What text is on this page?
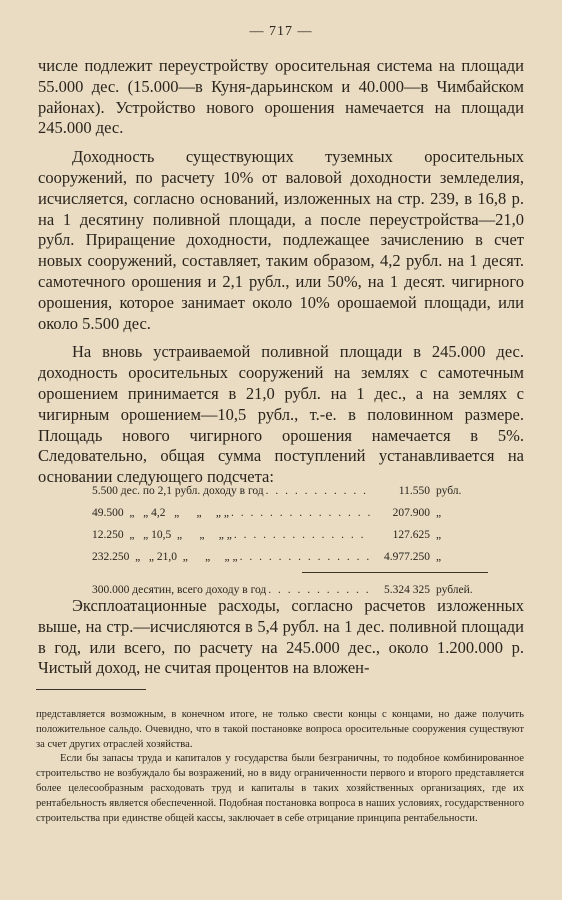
— 717 —

числе подлежит переустройству оросительная система на площади 55.000 дес. (15.000—в Куня-дарьинском и 40.000—в Чимбайском районах). Устройство нового орошения намечается на площади 245.000 дес.

Доходность существующих туземных оросительных сооружений, по расчету 10% от валовой доходности земледелия, исчисляется, согласно оснований, изложенных на стр. 239, в 16,8 р. на 1 десятину поливной площади, а после переустройства—21,0 рубл. Приращение доходности, подлежащее зачислению в счет новых сооружений, составляет, таким образом, 4,2 рубл. на 1 десят. самотечного орошения и 2,1 рубл., или 50%, на 1 десят. чигирного орошения, которое занимает около 10% орошаемой площади, или около 5.500 дес.

На вновь устраиваемой поливной площади в 245.000 дес. доходность оросительных сооружений на землях с самотечным орошением принимается в 21,0 рубл. на 1 дес., а на землях с чигирным орошением—10,5 рубл., т.-е. в половинном размере. Площадь нового чигирного орошения намечается в 5%. Следовательно, общая сумма поступлений устанавливается на основании следующего подсчета:

5.500 дес. по 2,1 рубл. доходу в год . . .	11.550 рубл.
49.500  „   „ 4,2   „      „     „ „ . . .	207.900 „
12.250  „   „ 10,5  „      „     „ „ . . .	127.625 „
232.250  „   „ 21,0  „      „     „ „ . . .	4.977.250 „
300.000 десятин, всего доходу в год . . .	5.324 325 рублей.

Эксплоатационные расходы, согласно расчетов изложенных выше, на стр.—исчисляются в 5,4 рубл. на 1 дес. поливной площади в год, или всего, по расчету на 245.000 дес., около 1.200.000 р. Чистый доход, не считая процентов на вложен-

представляется возможным, в конечном итоге, не только свести концы с концами, но даже получить положительное сальдо. Очевидно, что в такой постановке вопроса оросительные сооружения существуют за счет других отраслей хозяйства.

Если бы запасы труда и капиталов у государства были безграничны, то подобное комбинированное строительство не возбуждало бы возражений, но в виду ограниченности первого и второго представляется более целесообразным расходовать труд и капиталы в таких хозяйственных организациях, где их рентабельность является обеспеченной. Подобная постановка вопроса в наших условиях, государственного строительства при единстве общей кассы, заключает в себе отрицание принципа рентабельности.
